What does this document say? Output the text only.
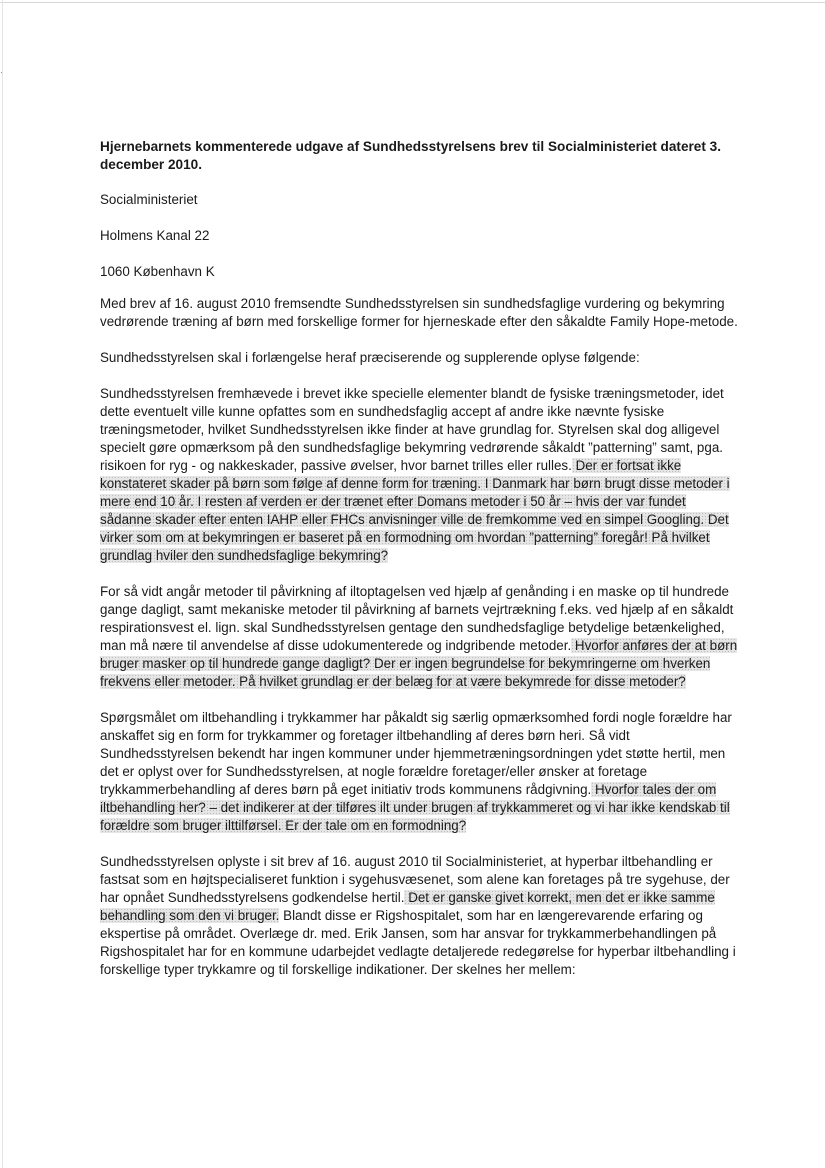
·
Hjernebarnets kommenterede udgave af Sundhedsstyrelsens brev til Socialministeriet dateret 3. december 2010.
Socialministeriet
Holmens Kanal 22
1060 København K

Med brev af 16. august 2010 fremsendte Sundhedsstyrelsen sin sundhedsfaglige vurdering og bekymring vedrørende træning af børn med forskellige former for hjerneskade efter den såkaldte Family Hope-metode.

Sundhedsstyrelsen skal i forlængelse heraf præciserende og supplerende oplyse følgende:

Sundhedsstyrelsen fremhævede i brevet ikke specielle elementer blandt de fysiske træningsmetoder, idet dette eventuelt ville kunne opfattes som en sundhedsfaglig accept af andre ikke nævnte fysiske træningsmetoder, hvilket Sundhedsstyrelsen ikke finder at have grundlag for. Styrelsen skal dog alligevel specielt gøre opmærksom på den sundhedsfaglige bekymring vedrørende såkaldt ”patterning” samt, pga. risikoen for ryg - og nakkeskader, passive øvelser, hvor barnet trilles eller rulles. Der er fortsat ikke konstateret skader på børn som følge af denne form for træning. I Danmark har børn brugt disse metoder i mere end 10 år. I resten af verden er der trænet efter Domans metoder i 50 år – hvis der var fundet sådanne skader efter enten IAHP eller FHCs anvisninger ville de fremkomme ved en simpel Googling. Det virker som om at bekymringen er baseret på en formodning om hvordan ”patterning” foregår! På hvilket grundlag hviler den sundhedsfaglige bekymring?

For så vidt angår metoder til påvirkning af iltoptagelsen ved hjælp af genånding i en maske op til hundrede gange dagligt, samt mekaniske metoder til påvirkning af barnets vejrtrækning f.eks. ved hjælp af en såkaldt respirationsvest el. lign. skal Sundhedsstyrelsen gentage den sundhedsfaglige betydelige betænkelighed, man må nære til anvendelse af disse udokumenterede og indgribende metoder. Hvorfor anføres der at børn bruger masker op til hundrede gange dagligt? Der er ingen begrundelse for bekymringerne om hverken frekvens eller metoder. På hvilket grundlag er der belæg for at være bekymrede for disse metoder?

Spørgsmålet om iltbehandling i trykkammer har påkaldt sig særlig opmærksomhed fordi nogle forældre har anskaffet sig en form for trykkammer og foretager iltbehandling af deres børn heri. Så vidt Sundhedsstyrelsen bekendt har ingen kommuner under hjemmetræningsordningen ydet støtte hertil, men det er oplyst over for Sundhedsstyrelsen, at nogle forældre foretager/eller ønsker at foretage trykkammerbehandling af deres børn på eget initiativ trods kommunens rådgivning. Hvorfor tales der om iltbehandling her? – det indikerer at der tilføres ilt under brugen af trykkammeret og vi har ikke kendskab til forældre som bruger ilttilførsel. Er der tale om en formodning?

Sundhedsstyrelsen oplyste i sit brev af 16. august 2010 til Socialministeriet, at hyperbar iltbehandling er fastsat som en højtspecialiseret funktion i sygehusvæsenet, som alene kan foretages på tre sygehuse, der har opnået Sundhedsstyrelsens godkendelse hertil. Det er ganske givet korrekt, men det er ikke samme behandling som den vi bruger. Blandt disse er Rigshospitalet, som har en længerevarende erfaring og ekspertise på området. Overlæge dr. med. Erik Jansen, som har ansvar for trykkammerbehandlingen på Rigshospitalet har for en kommune udarbejdet vedlagte detaljerede redegørelse for hyperbar iltbehandling i forskellige typer trykkamre og til forskellige indikationer. Der skelnes her mellem:
